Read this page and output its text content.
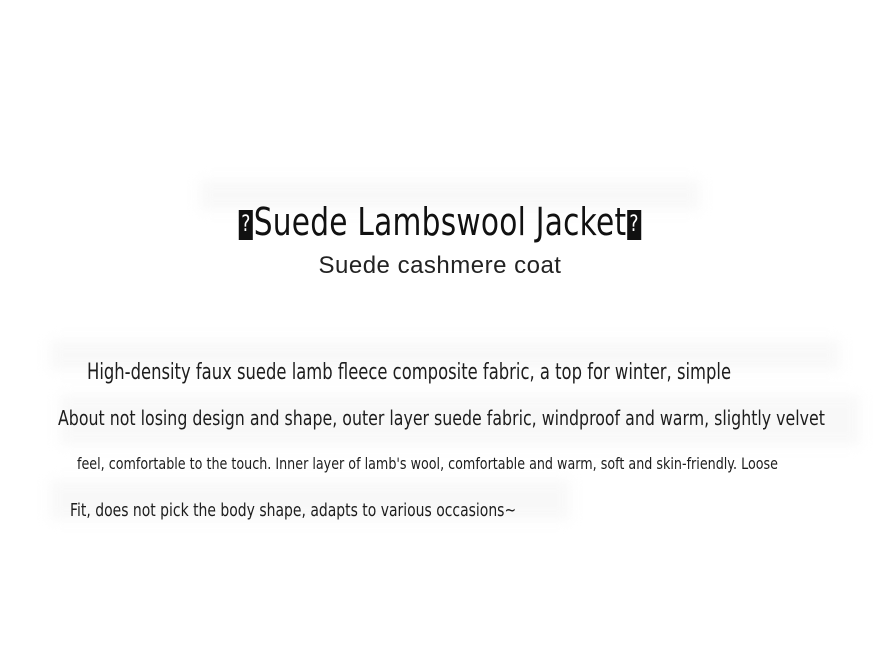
?Suede Lambswool Jacket ?
Suede cashmere coat
High-density faux suede lamb fleece composite fabric, a top for winter, simple
About not losing design and shape, outer layer suede fabric, windproof and warm, slightly velvet
feel, comfortable to the touch. Inner layer of lamb's wool, comfortable and warm, soft and skin-friendly. Loose
Fit, does not pick the body shape, adapts to various occasions~
